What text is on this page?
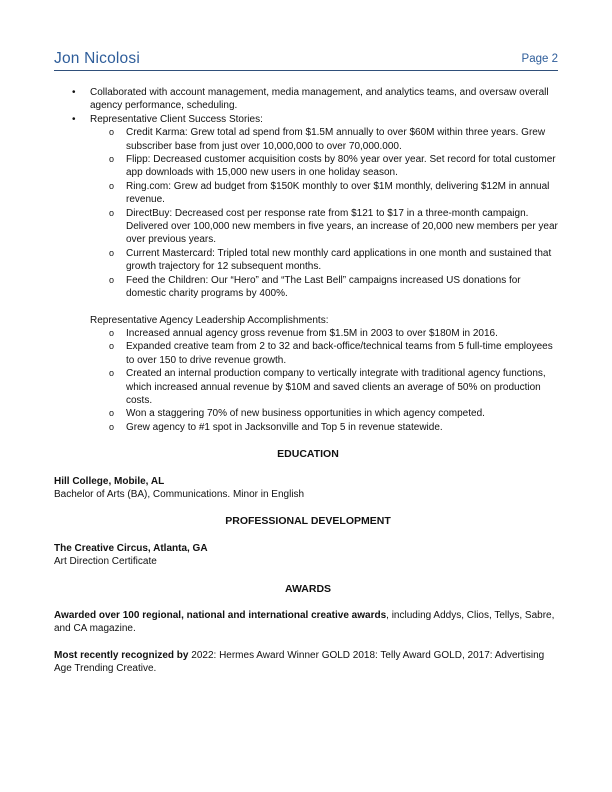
Jon Nicolosi	Page 2
• Collaborated with account management, media management, and analytics teams, and oversaw overall agency performance, scheduling.
• Representative Client Success Stories:
o Credit Karma: Grew total ad spend from $1.5M annually to over $60M within three years. Grew subscriber base from just over 10,000,000 to over 70,000.000.
o Flipp: Decreased customer acquisition costs by 80% year over year. Set record for total customer app downloads with 15,000 new users in one holiday season.
o Ring.com: Grew ad budget from $150K monthly to over $1M monthly, delivering $12M in annual revenue.
o DirectBuy: Decreased cost per response rate from $121 to $17 in a three-month campaign. Delivered over 100,000 new members in five years, an increase of 20,000 new members per year over previous years.
o Current Mastercard: Tripled total new monthly card applications in one month and sustained that growth trajectory for 12 subsequent months.
o Feed the Children: Our “Hero” and “The Last Bell” campaigns increased US donations for domestic charity programs by 400%.
Representative Agency Leadership Accomplishments:
o Increased annual agency gross revenue from $1.5M in 2003 to over $180M in 2016.
o Expanded creative team from 2 to 32 and back-office/technical teams from 5 full-time employees to over 150 to drive revenue growth.
o Created an internal production company to vertically integrate with traditional agency functions, which increased annual revenue by $10M and saved clients an average of 50% on production costs.
o Won a staggering 70% of new business opportunities in which agency competed.
o Grew agency to #1 spot in Jacksonville and Top 5 in revenue statewide.
EDUCATION

Hill College, Mobile, AL

Bachelor of Arts (BA), Communications. Minor in English

PROFESSIONAL DEVELOPMENT

The Creative Circus, Atlanta, GA

Art Direction Certificate

AWARDS

Awarded over 100 regional, national and international creative awards, including Addys, Clios, Tellys, Sabre, and CA magazine.

Most recently recognized by 2022: Hermes Award Winner GOLD 2018: Telly Award GOLD, 2017: Advertising Age Trending Creative.
